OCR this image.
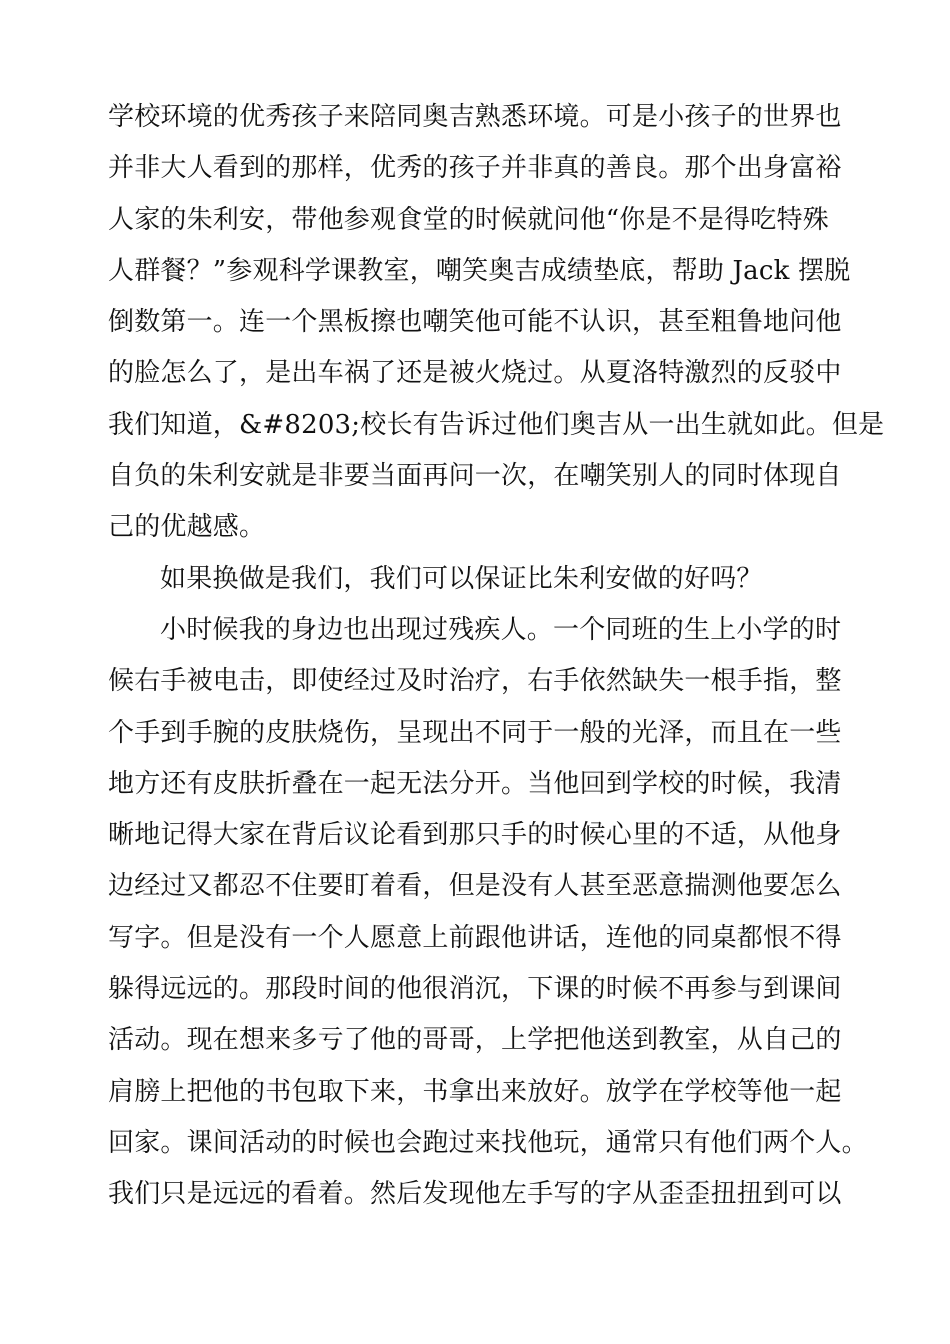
学校环境的优秀孩子来陪同奥吉熟悉环境。可是小孩子的世界也
并非大人看到的那样，优秀的孩子并非真的善良。那个出身富裕
人家的朱利安，带他参观食堂的时候就问他“你是不是得吃特殊
人群餐？”参观科学课教室，嘲笑奥吉成绩垫底，帮助 Jack 摆脱
倒数第一。连一个黑板擦也嘲笑他可能不认识，甚至粗鲁地问他
的脸怎么了，是出车祸了还是被火烧过。从夏洛特激烈的反驳中
我们知道，&#8203;校长有告诉过他们奥吉从一出生就如此。但是
自负的朱利安就是非要当面再问一次，在嘲笑别人的同时体现自
己的优越感。
如果换做是我们，我们可以保证比朱利安做的好吗？
小时候我的身边也出现过残疾人。一个同班的生上小学的时
候右手被电击，即使经过及时治疗，右手依然缺失一根手指，整
个手到手腕的皮肤烧伤，呈现出不同于一般的光泽，而且在一些
地方还有皮肤折叠在一起无法分开。当他回到学校的时候，我清
晰地记得大家在背后议论看到那只手的时候心里的不适，从他身
边经过又都忍不住要盯着看，但是没有人甚至恶意揣测他要怎么
写字。但是没有一个人愿意上前跟他讲话，连他的同桌都恨不得
躲得远远的。那段时间的他很消沉，下课的时候不再参与到课间
活动。现在想来多亏了他的哥哥，上学把他送到教室，从自己的
肩膀上把他的书包取下来，书拿出来放好。放学在学校等他一起
回家。课间活动的时候也会跑过来找他玩，通常只有他们两个人。
我们只是远远的看着。然后发现他左手写的字从歪歪扭扭到可以
